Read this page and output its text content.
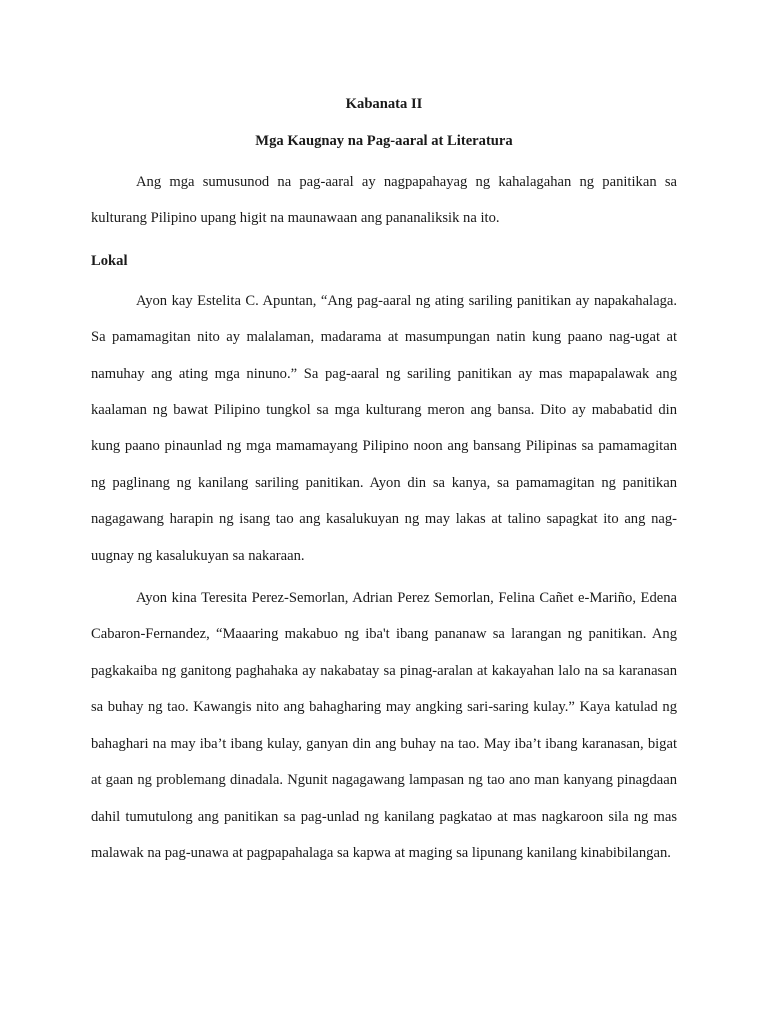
Kabanata II
Mga Kaugnay na Pag-aaral at Literatura

Ang mga sumusunod na pag-aaral ay nagpapahayag ng kahalagahan ng panitikan sa kulturang Pilipino upang higit na maunawaan ang pananaliksik na ito.

Lokal

Ayon kay Estelita C. Apuntan, “Ang pag-aaral ng ating sariling panitikan ay napakahalaga. Sa pamamagitan nito ay malalaman, madarama at masumpungan natin kung paano nag-ugat at namuhay ang ating mga ninuno.” Sa pag-aaral ng sariling panitikan ay mas mapapalawak ang kaalaman ng bawat Pilipino tungkol sa mga kulturang meron ang bansa. Dito ay mababatid din kung paano pinaunlad ng mga mamamayang Pilipino noon ang bansang Pilipinas sa pamamagitan ng paglinang ng kanilang sariling panitikan. Ayon din sa kanya, sa pamamagitan ng panitikan nagagawang harapin ng isang tao ang kasalukuyan ng may lakas at talino sapagkat ito ang nag-uugnay ng kasalukuyan sa nakaraan.

Ayon kina Teresita Perez-Semorlan, Adrian Perez Semorlan, Felina Cañet e-Mariño, Edena Cabaron-Fernandez, “Maaaring makabuo ng iba't ibang pananaw sa larangan ng panitikan. Ang pagkakaiba ng ganitong paghahaka ay nakabatay sa pinag-aralan at kakayahan lalo na sa karanasan sa buhay ng tao. Kawangis nito ang bahagharing may angking sari-saring kulay.” Kaya katulad ng bahaghari na may iba’t ibang kulay, ganyan din ang buhay na tao. May iba’t ibang karanasan, bigat at gaan ng problemang dinadala. Ngunit nagagawang lampasan ng tao ano man kanyang pinagdaan dahil tumutulong ang panitikan sa pag-unlad ng kanilang pagkatao at mas nagkaroon sila ng mas malawak na pag-unawa at pagpapahalaga sa kapwa at maging sa lipunang kanilang kinabibilangan.
